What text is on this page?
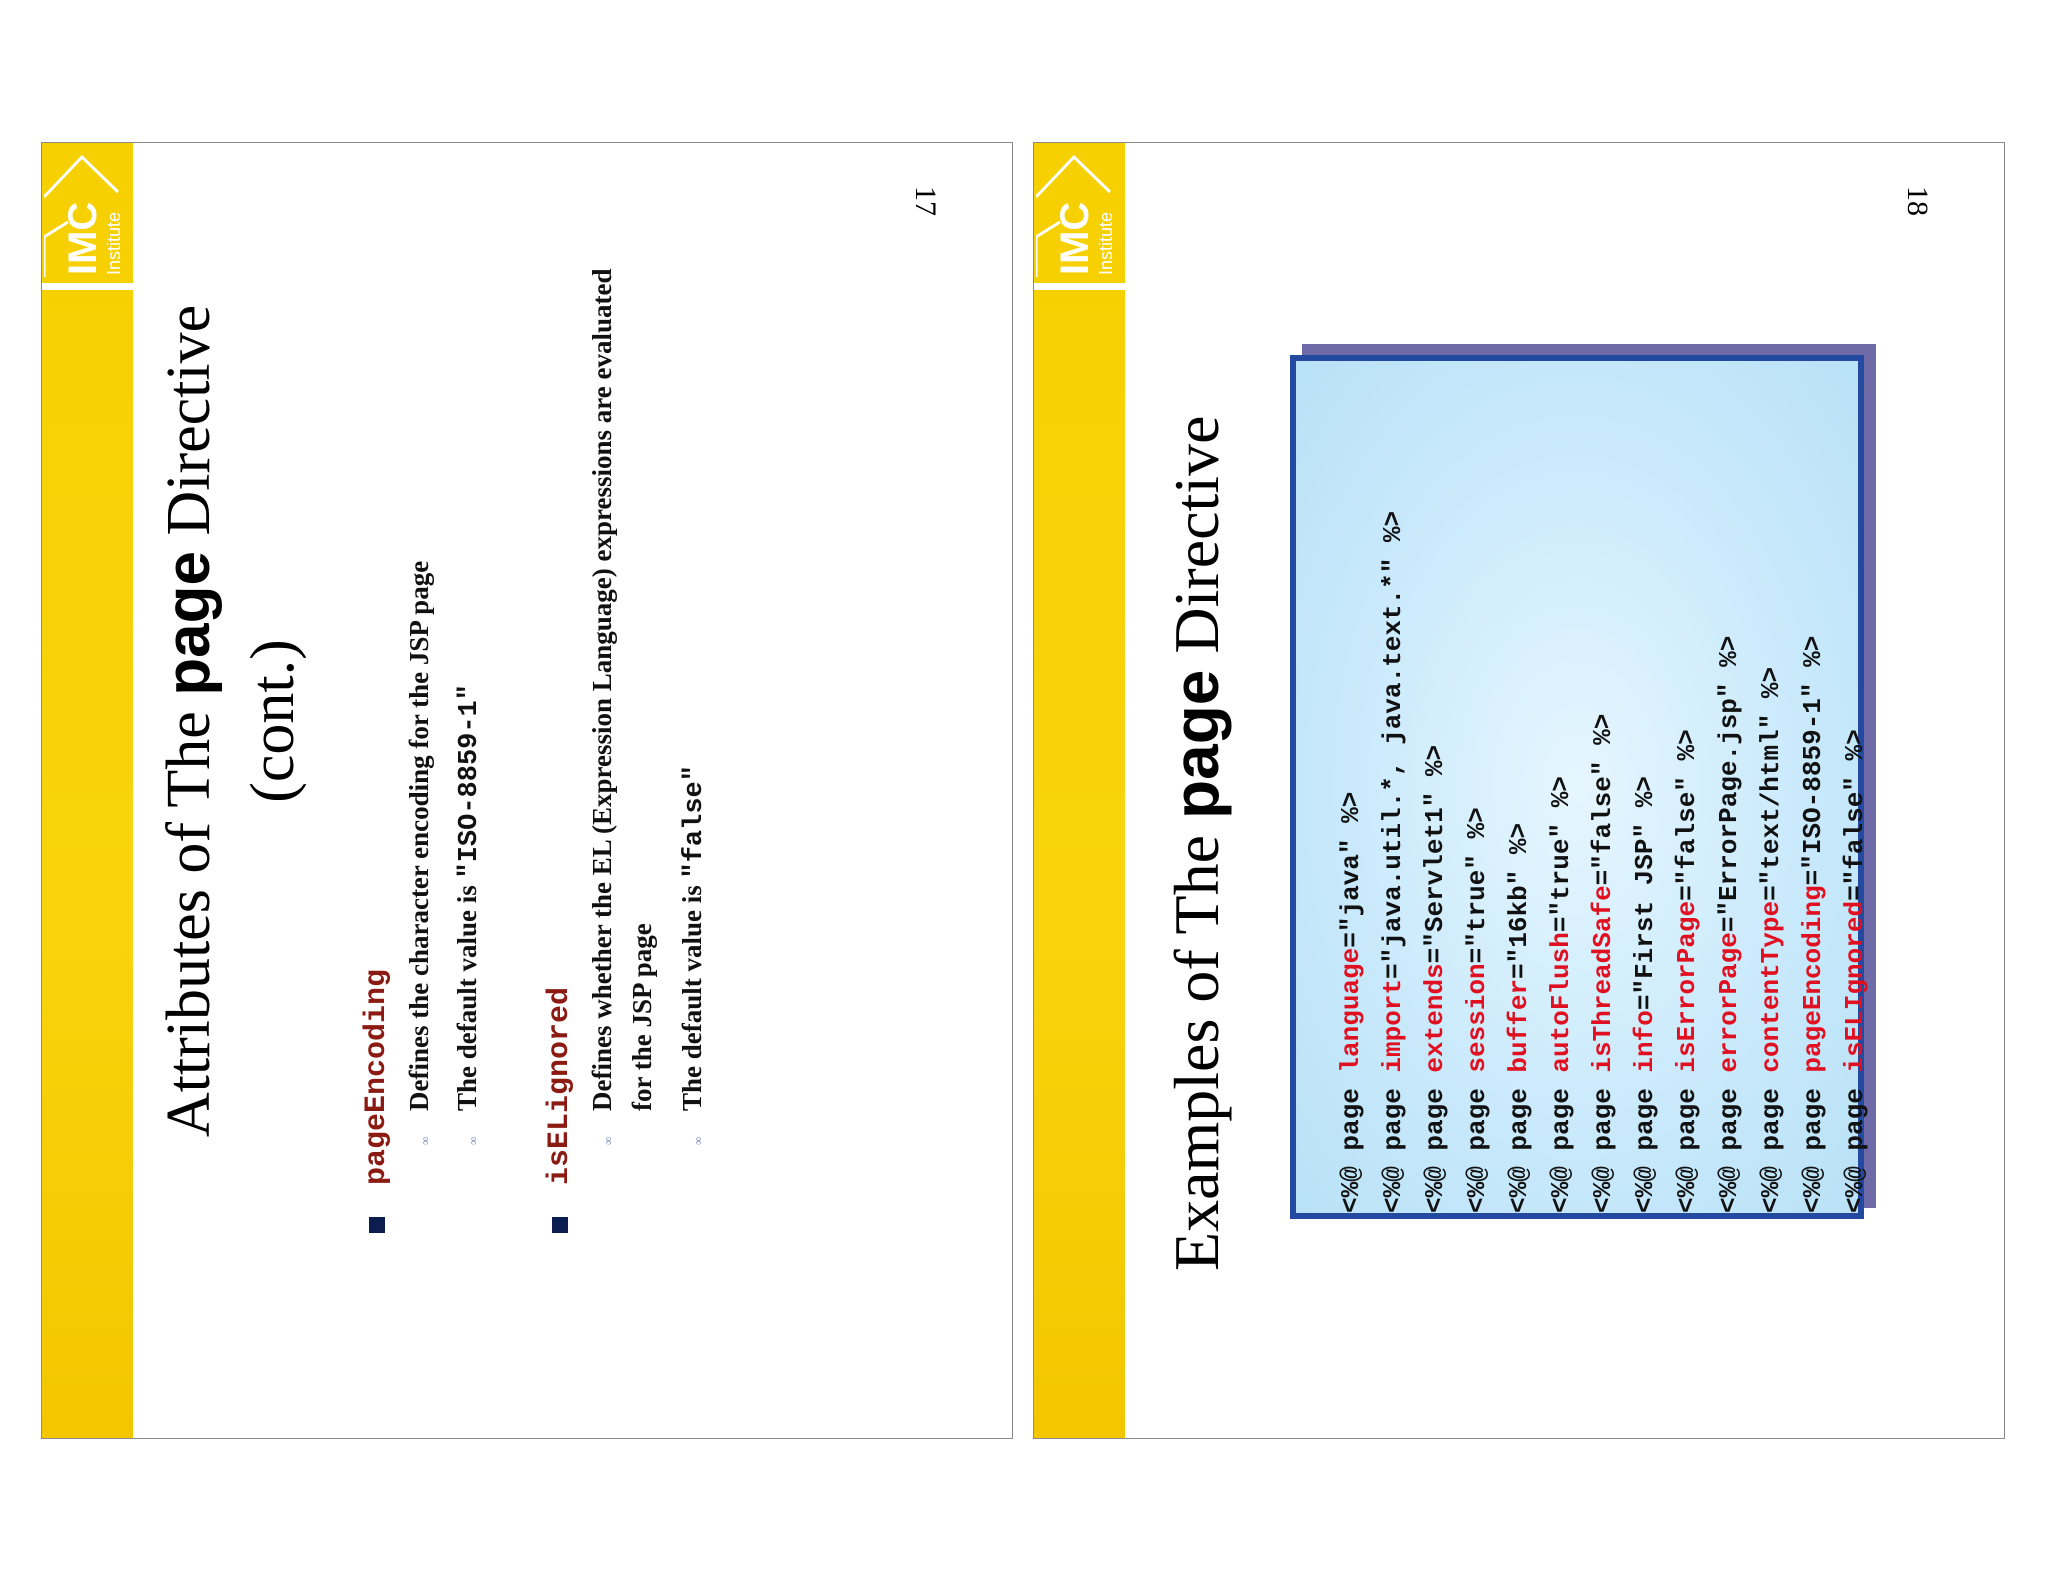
IMC Institute
17
Attributes of The page Directive
(cont.)
pageEncoding	∞
Defines the character encoding for the JSP page
∞
The default value is "ISO-8859-1"
isELignored	∞
Defines whether the EL (Expression Language) expressions are evaluated for the JSP page
∞
The default value is "false"
IMC Institute
18
Examples of The page Directive
<%@ page language="java" %>
<%@ page import="java.util.*, java.text.*" %>
<%@ page extends="Servlet1" %>
<%@ page session="true" %>
<%@ page buffer="16kb" %>
<%@ page autoFlush="true" %>
<%@ page isThreadSafe="false" %>
<%@ page info="First JSP" %>
<%@ page isErrorPage="false" %>
<%@ page errorPage="ErrorPage.jsp" %>
<%@ page contentType="text/html" %>
<%@ page pageEncoding="ISO-8859-1" %>
<%@ page isELIgnored="false" %>
